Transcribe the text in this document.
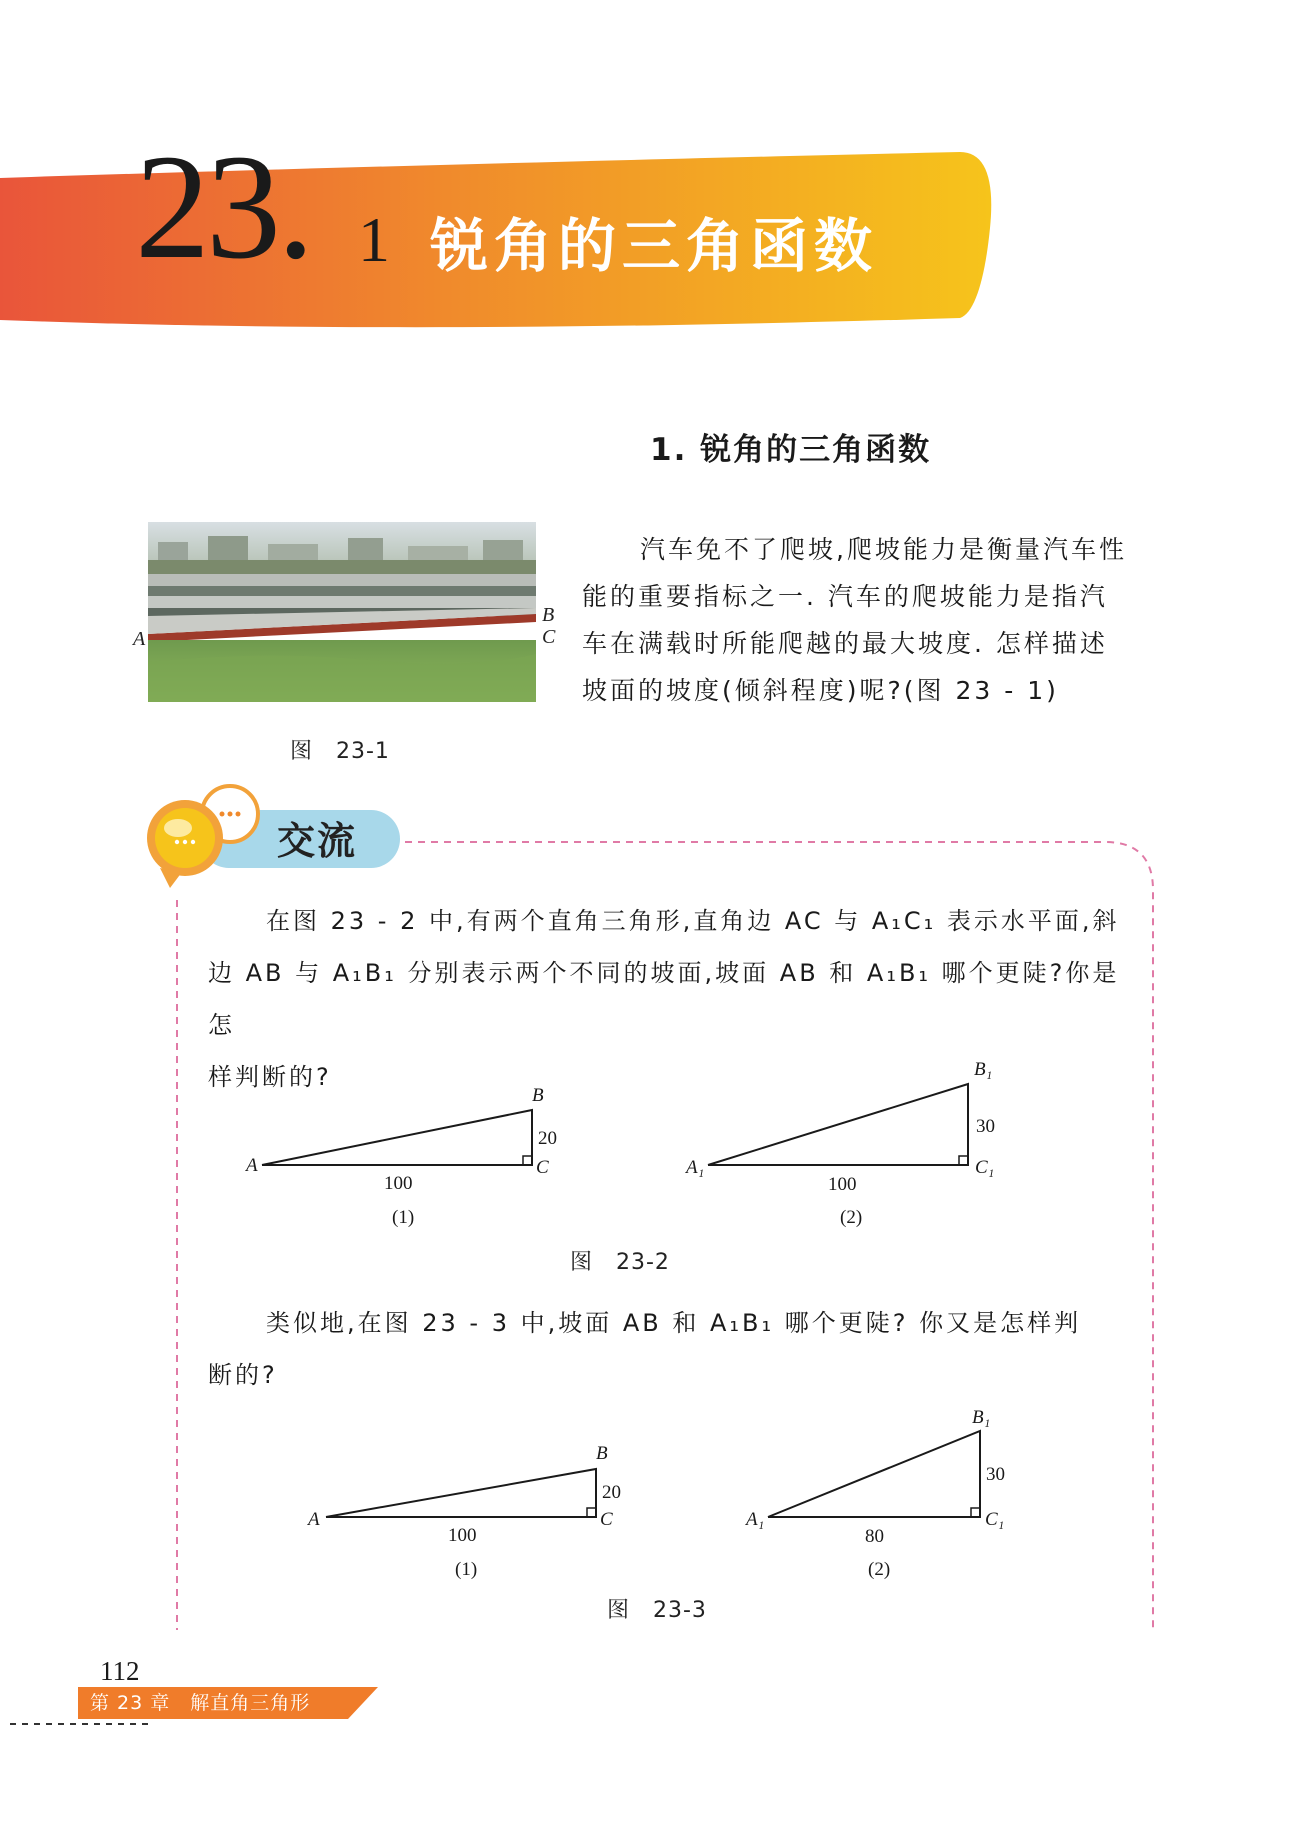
23. 1 锐角的三角函数
1. 锐角的三角函数
A
B
C
图　23-1

汽车免不了爬坡,爬坡能力是衡量汽车性

能的重要指标之一. 汽车的爬坡能力是指汽

车在满载时所能爬越的最大坡度. 怎样描述

坡面的坡度(倾斜程度)呢?(图 23 - 1)

交流

在图 23 - 2 中,有两个直角三角形,直角边 AC 与 A₁C₁ 表示水平面,斜

边 AB 与 A₁B₁ 分别表示两个不同的坡面,坡面 AB 和 A₁B₁ 哪个更陡?你是怎

样判断的?

A
B
C
100
20
(1)
A₁
B₁
C₁
100
30
(2)
图　23-2

类似地,在图 23 - 3 中,坡面 AB 和 A₁B₁ 哪个更陡? 你又是怎样判

断的?

A
B
C
100
20
(1)
A₁
B₁
C₁
80
30
(2)
图　23-3
112
第 23 章　解直角三角形
